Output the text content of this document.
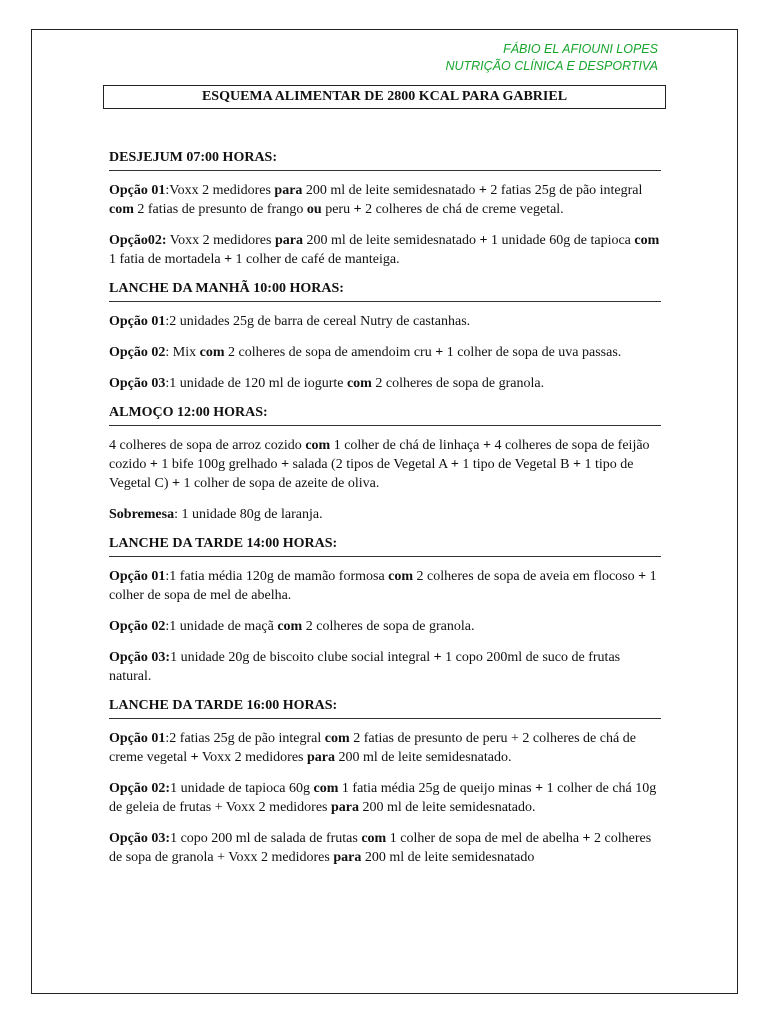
FÁBIO EL AFIOUNI LOPES
NUTRIÇÃO CLÍNICA E DESPORTIVA
ESQUEMA ALIMENTAR DE 2800 KCAL PARA GABRIEL
DESJEJUM 07:00 HORAS:

Opção 01:Voxx 2 medidores para 200 ml de leite semidesnatado + 2 fatias 25g de pão integral com 2 fatias de presunto de frango ou peru + 2 colheres de chá de creme vegetal.

Opção02: Voxx 2 medidores para 200 ml de leite semidesnatado + 1 unidade 60g de tapioca com 1 fatia de mortadela + 1 colher de café de manteiga.

LANCHE DA MANHÃ 10:00 HORAS:

Opção 01:2 unidades 25g de barra de cereal Nutry de castanhas.

Opção 02: Mix com 2 colheres de sopa de amendoim cru + 1 colher de sopa de uva passas.

Opção 03:1 unidade de 120 ml de iogurte com 2 colheres de sopa de granola.

ALMOÇO 12:00 HORAS:

4 colheres de sopa de arroz cozido com 1 colher de chá de linhaça + 4 colheres de sopa de feijão cozido + 1 bife 100g grelhado + salada (2 tipos de Vegetal A + 1 tipo de Vegetal B + 1 tipo de Vegetal C) + 1 colher de sopa de azeite de oliva.

Sobremesa: 1 unidade 80g de laranja.

LANCHE DA TARDE 14:00 HORAS:

Opção 01:1 fatia média 120g de mamão formosa com 2 colheres de sopa de aveia em flocoso + 1 colher de sopa de mel de abelha.

Opção 02:1 unidade de maçã com 2 colheres de sopa de granola.

Opção 03:1 unidade 20g de biscoito clube social integral + 1 copo 200ml de suco de frutas natural.

LANCHE DA TARDE 16:00 HORAS:

Opção 01:2 fatias 25g de pão integral com 2 fatias de presunto de peru + 2 colheres de chá de creme vegetal + Voxx 2 medidores para 200 ml de leite semidesnatado.

Opção 02:1 unidade de tapioca 60g com 1 fatia média 25g de queijo minas + 1 colher de chá 10g de geleia de frutas + Voxx 2 medidores para 200 ml de leite semidesnatado.

Opção 03:1 copo 200 ml de salada de frutas com 1 colher de sopa de mel de abelha + 2 colheres de sopa de granola + Voxx 2 medidores para 200 ml de leite semidesnatado
